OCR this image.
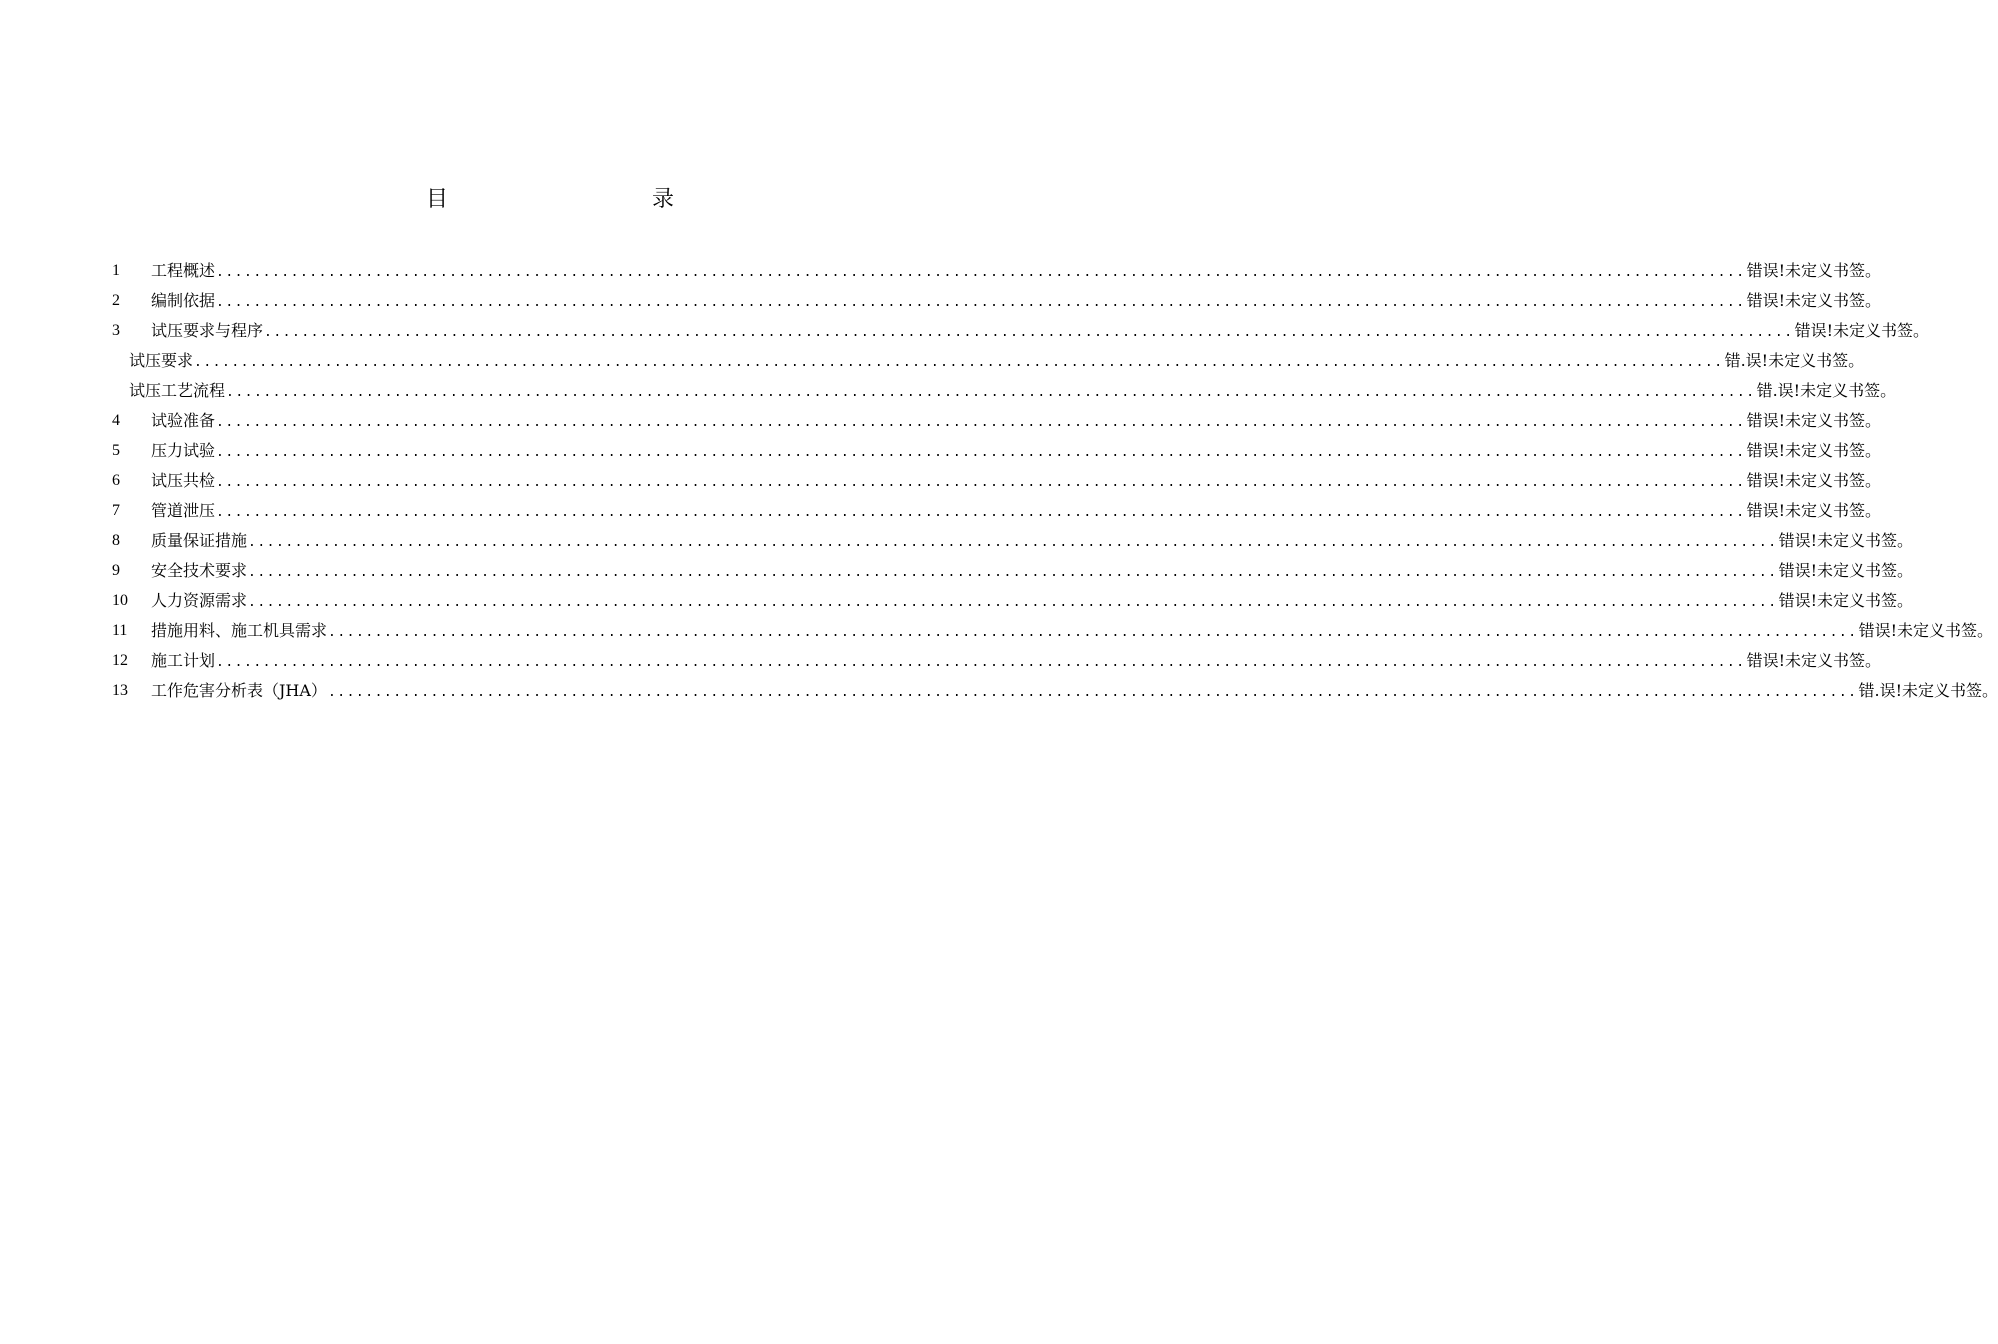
目	录
1	工程概述 .................................................................................................................................................................... 错误!未定义书签。
2	编制依据 .................................................................................................................................................................... 错误!未定义书签。
3	试压要求与程序 .................................................................................................................................................................... 错误!未定义书签。
试压要求 .................................................................................................................................................................... 错.误!未定义书签。
试压工艺流程 .................................................................................................................................................................... 错.误!未定义书签。
4	试验准备 .................................................................................................................................................................... 错误!未定义书签。
5	压力试验 .................................................................................................................................................................... 错误!未定义书签。
6	试压共检 .................................................................................................................................................................... 错误!未定义书签。
7	管道泄压 .................................................................................................................................................................... 错误!未定义书签。
8	质量保证措施 .................................................................................................................................................................... 错误!未定义书签。
9	安全技术要求 .................................................................................................................................................................... 错误!未定义书签。
10	人力资源需求 .................................................................................................................................................................... 错误!未定义书签。
11	措施用料、施工机具需求 .................................................................................................................................................................... 错误!未定义书签。
12	施工计划 .................................................................................................................................................................... 错误!未定义书签。
13	工作危害分析表（JHA） .................................................................................................................................................................... 错.误!未定义书签。
